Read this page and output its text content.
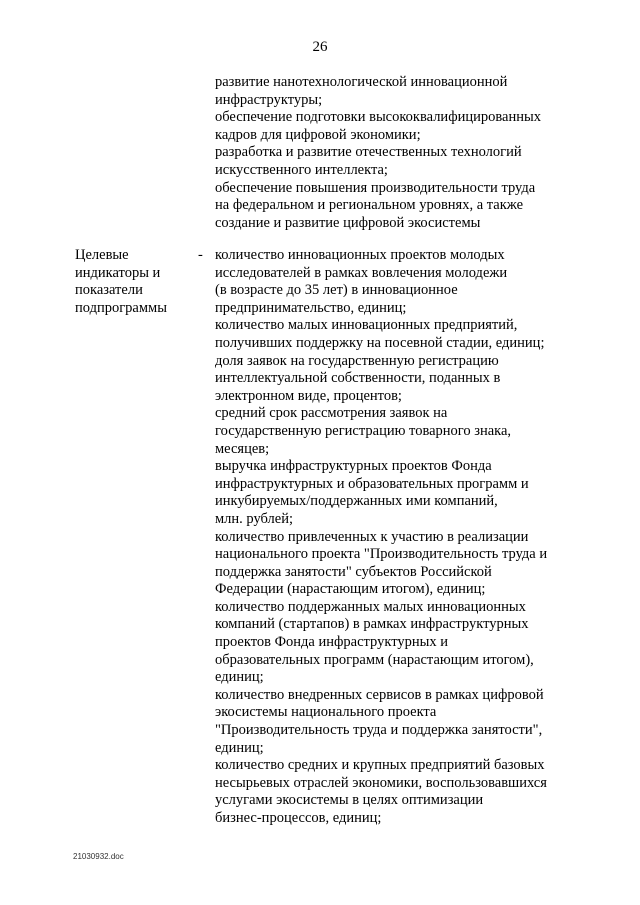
26
развитие нанотехнологической инновационной
инфраструктуры;
обеспечение подготовки высококвалифицированных
кадров для цифровой экономики;
разработка и развитие отечественных технологий
искусственного интеллекта;
обеспечение повышения производительности труда
на федеральном и региональном уровнях, а также
создание и развитие цифровой экосистемы
Целевые
индикаторы и
показатели
подпрограммы
- количество инновационных проектов молодых
исследователей в рамках вовлечения молодежи
(в возрасте до 35 лет) в инновационное
предпринимательство, единиц;
количество малых инновационных предприятий,
получивших поддержку на посевной стадии, единиц;
доля заявок на государственную регистрацию
интеллектуальной собственности, поданных в
электронном виде, процентов;
средний срок рассмотрения заявок на
государственную регистрацию товарного знака,
месяцев;
выручка инфраструктурных проектов Фонда
инфраструктурных и образовательных программ и
инкубируемых/поддержанных ими компаний,
млн. рублей;
количество привлеченных к участию в реализации
национального проекта "Производительность труда и
поддержка занятости" субъектов Российской
Федерации (нарастающим итогом), единиц;
количество поддержанных малых инновационных
компаний (стартапов) в рамках инфраструктурных
проектов Фонда инфраструктурных и
образовательных программ (нарастающим итогом),
единиц;
количество внедренных сервисов в рамках цифровой
экосистемы национального проекта
"Производительность труда и поддержка занятости",
единиц;
количество средних и крупных предприятий базовых
несырьевых отраслей экономики, воспользовавшихся
услугами экосистемы в целях оптимизации
бизнес-процессов, единиц;
21030932.doc
